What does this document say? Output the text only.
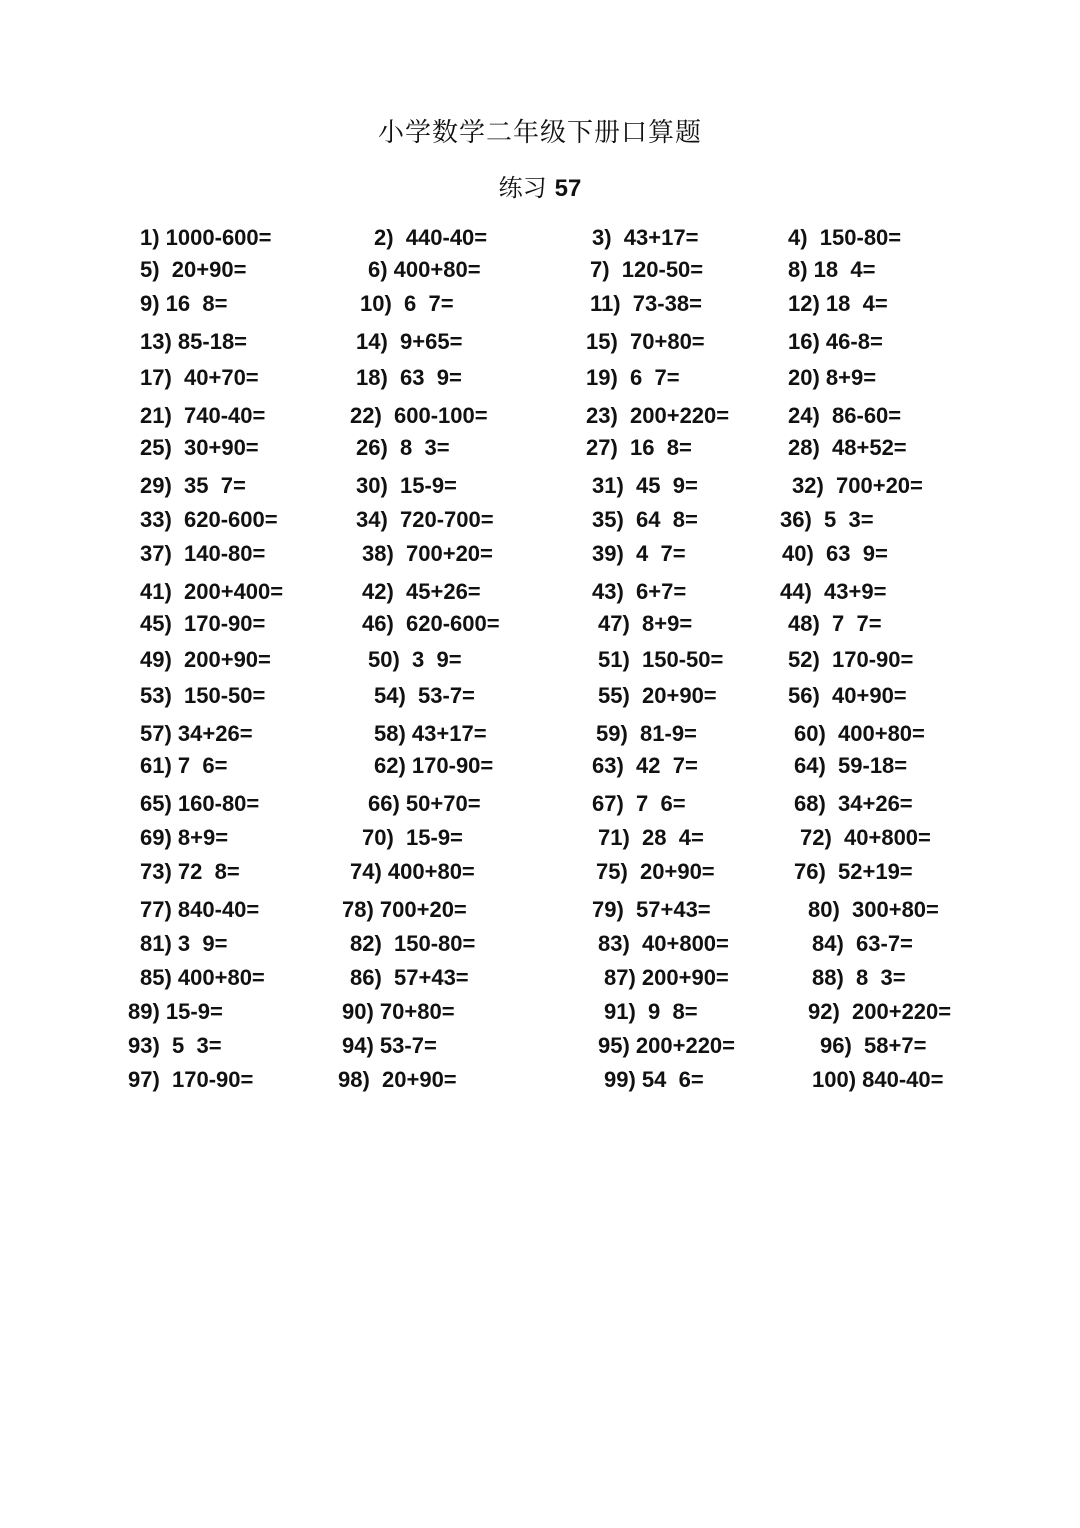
小学数学二年级下册口算题
练习 57
1) 1000-600=	2)  440-40=	3)  43+17=	4)  150-80=
5)  20+90=	6) 400+80=	7)  120-50=	8) 18  4=
9) 16  8=	10)  6  7=	11)  73-38=	12) 18  4=
13) 85-18=	14)  9+65=	15)  70+80=	16) 46-8=
17)  40+70=	18)  63  9=	19)  6  7=	20) 8+9=
21)  740-40=	22)  600-100=	23)  200+220=	24)  86-60=
25)  30+90=	26)  8  3=	27)  16  8=	28)  48+52=
29)  35  7=	30)  15-9=	31)  45  9=	32)  700+20=
33)  620-600=	34)  720-700=	35)  64  8=	36)  5  3=
37)  140-80=	38)  700+20=	39)  4  7=	40)  63  9=
41)  200+400=	42)  45+26=	43)  6+7=	44)  43+9=
45)  170-90=	46)  620-600=	47)  8+9=	48)  7  7=
49)  200+90=	50)  3  9=	51)  150-50=	52)  170-90=
53)  150-50=	54)  53-7=	55)  20+90=	56)  40+90=
57) 34+26=	58) 43+17=	59)  81-9=	60)  400+80=
61) 7  6=	62) 170-90=	63)  42  7=	64)  59-18=
65) 160-80=	66) 50+70=	67)  7  6=	68)  34+26=
69) 8+9=	70)  15-9=	71)  28  4=	72)  40+800=
73) 72  8=	74) 400+80=	75)  20+90=	76)  52+19=
77) 840-40=	78) 700+20=	79)  57+43=	80)  300+80=
81) 3  9=	82)  150-80=	83)  40+800=	84)  63-7=
85) 400+80=	86)  57+43=	87) 200+90=	88)  8  3=
89) 15-9=	90) 70+80=	91)  9  8=	92)  200+220=
93)  5  3=	94) 53-7=	95) 200+220=	96)  58+7=
97)  170-90=	98)  20+90=	99) 54  6=	100) 840-40=
